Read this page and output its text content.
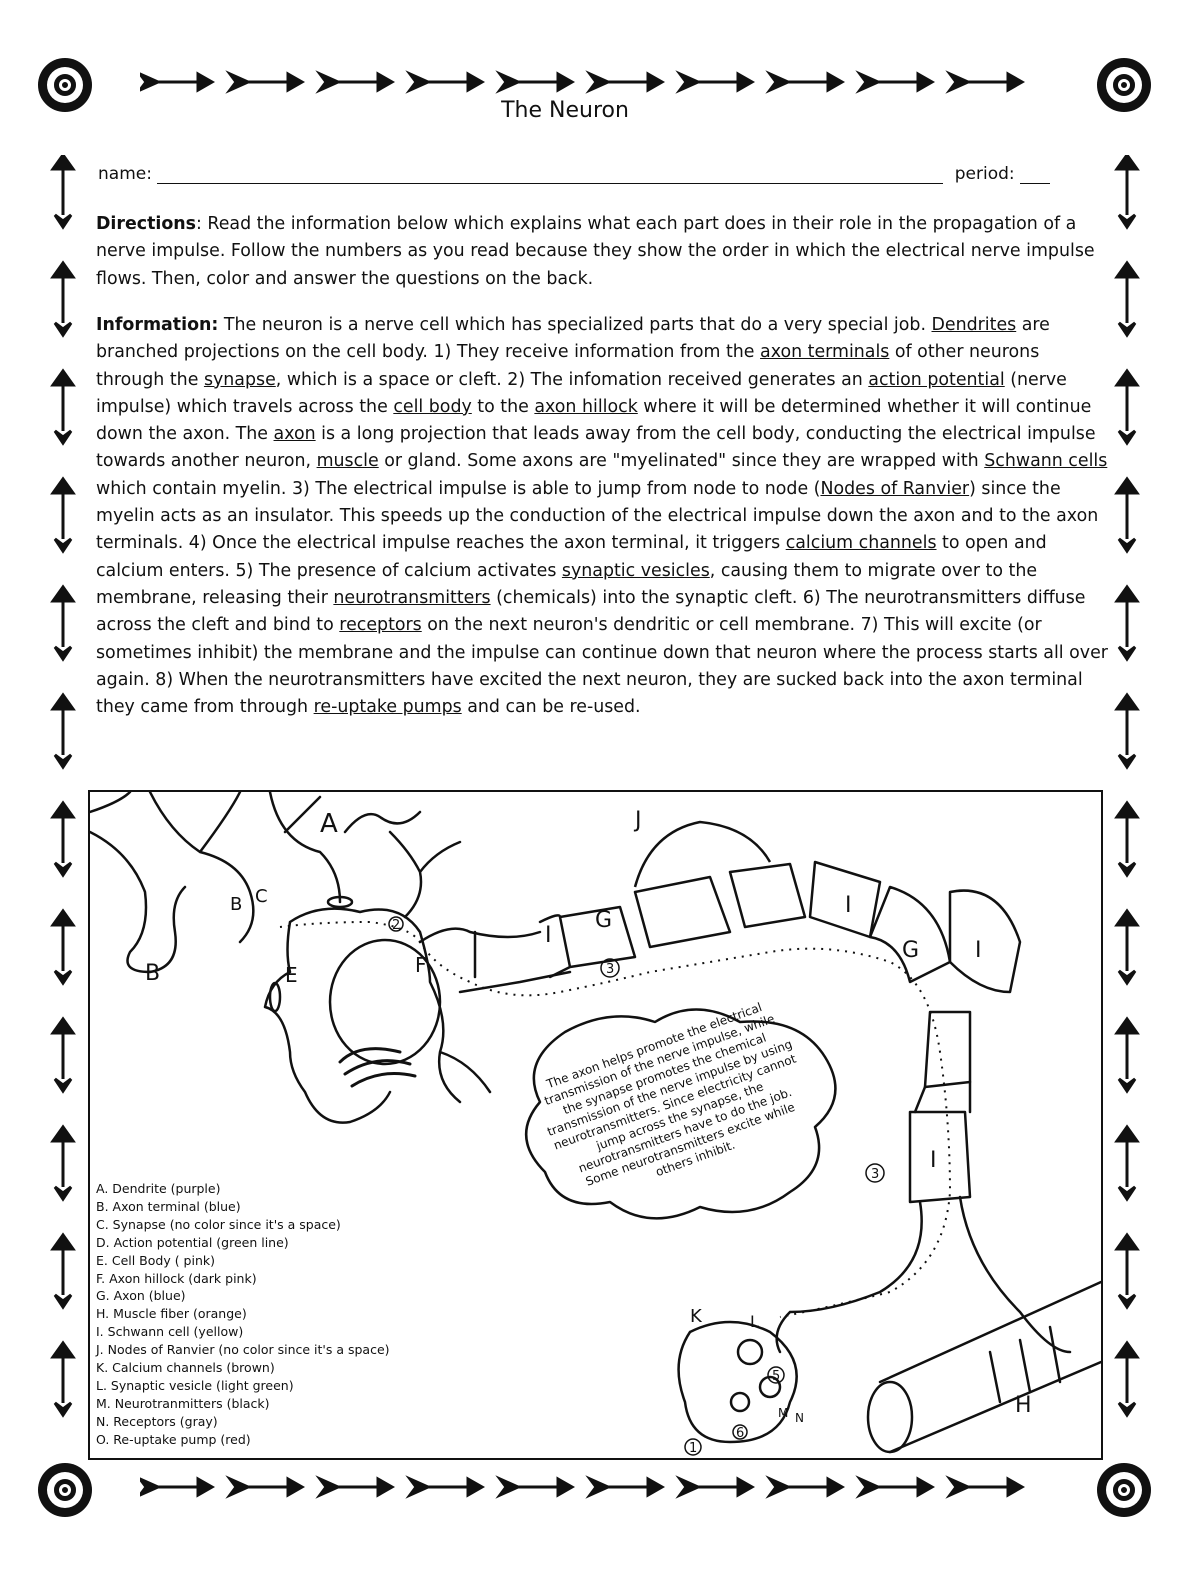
The Neuron
name:	period:

Directions: Read the information below which explains what each part does in their role in the propagation of a nerve impulse. Follow the numbers as you read because they show the order in which the electrical nerve impulse flows. Then, color and answer the questions on the back.

Information: The neuron is a nerve cell which has specialized parts that do a very special job. Dendrites are branched projections on the cell body. 1) They receive information from the axon terminals of other neurons through the synapse, which is a space or cleft. 2) The infomation received generates an action potential (nerve impulse) which travels across the cell body to the axon hillock where it will be determined whether it will continue down the axon. The axon is a long projection that leads away from the cell body, conducting the electrical impulse towards another neuron, muscle or gland. Some axons are "myelinated" since they are wrapped with Schwann cells which contain myelin. 3) The electrical impulse is able to jump from node to node (Nodes of Ranvier) since the myelin acts as an insulator. This speeds up the conduction of the electrical impulse down the axon and to the axon terminals. 4) Once the electrical impulse reaches the axon terminal, it triggers calcium channels to open and calcium enters. 5) The presence of calcium activates synaptic vesicles, causing them to migrate over to the membrane, releasing their neurotransmitters (chemicals) into the synaptic cleft. 6) The neurotransmitters diffuse across the cleft and bind to receptors on the next neuron's dendritic or cell membrane. 7) This will excite (or sometimes inhibit) the membrane and the impulse can continue down that neuron where the process starts all over again. 8) When the neurotransmitters have excited the next neuron, they are sucked back into the axon terminal they came from through re-uptake pumps and can be re-used.

A
B
B C
E	F
G
G
I
I
I
I
J
H
K	L
M N
3
3
5
1
2
6
The axon helps promote the electrical transmission of the nerve impulse, while the synapse promotes the chemical transmission of the nerve impulse by using neurotransmitters. Since electricity cannot jump across the synapse, the neurotransmitters have to do the job. Some neurotransmitters excite while others inhibit.
A. Dendrite (purple)
B. Axon terminal (blue)
C. Synapse (no color since it's a space)
D. Action potential (green line)
E. Cell Body ( pink)
F. Axon hillock (dark pink)
G. Axon (blue)
H. Muscle fiber (orange)
I. Schwann cell (yellow)
J. Nodes of Ranvier (no color since it's a space)
K. Calcium channels (brown)
L. Synaptic vesicle (light green)
M. Neurotranmitters (black)
N. Receptors (gray)
O. Re-uptake pump (red)
